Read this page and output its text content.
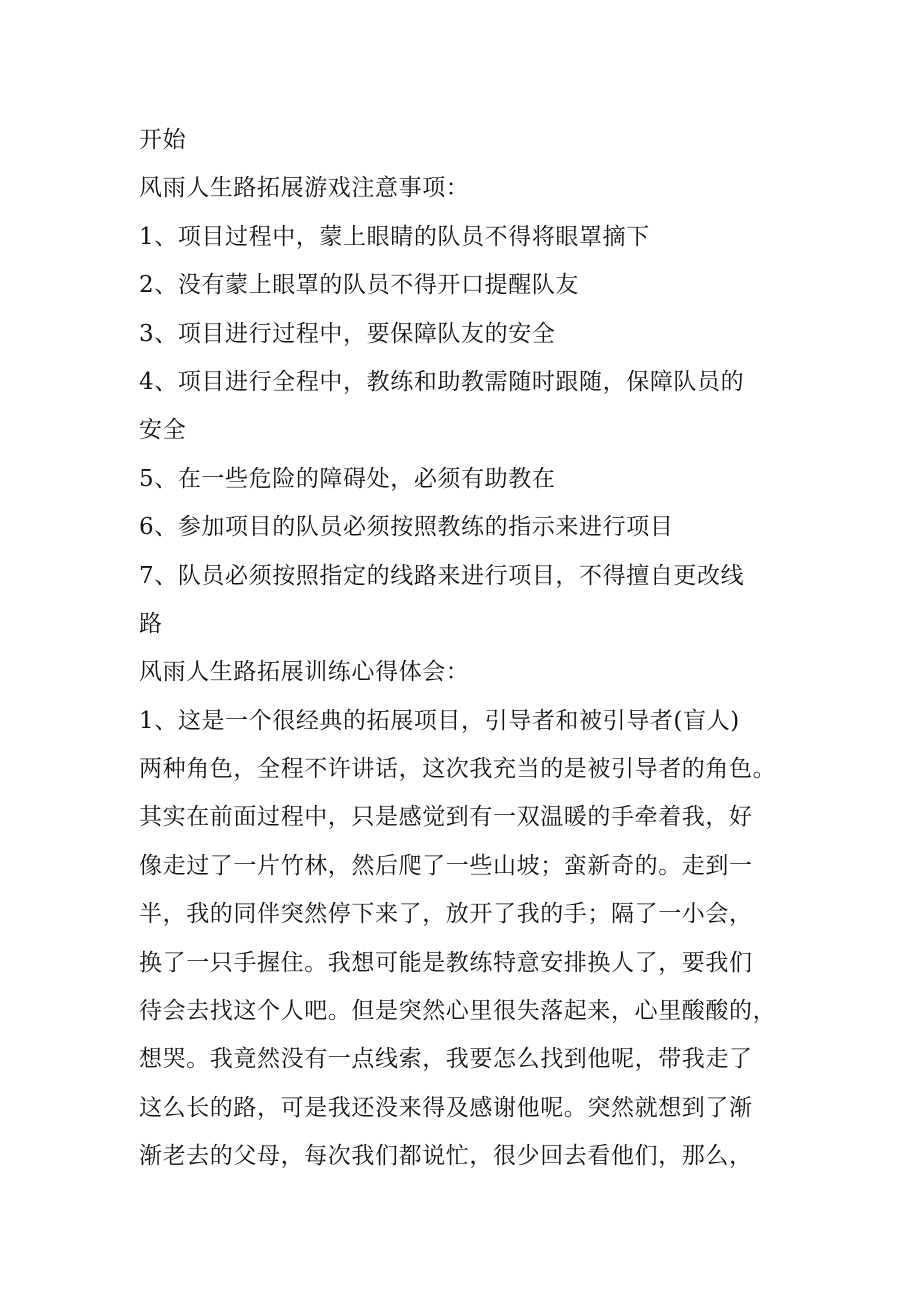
开始

风雨人生路拓展游戏注意事项：

1、项目过程中，蒙上眼睛的队员不得将眼罩摘下

2、没有蒙上眼罩的队员不得开口提醒队友

3、项目进行过程中，要保障队友的安全

4、项目进行全程中，教练和助教需随时跟随，保障队员的

安全

5、在一些危险的障碍处，必须有助教在

6、参加项目的队员必须按照教练的指示来进行项目

7、队员必须按照指定的线路来进行项目，不得擅自更改线

路

风雨人生路拓展训练心得体会：

1、这是一个很经典的拓展项目，引导者和被引导者(盲人)

两种角色，全程不许讲话，这次我充当的是被引导者的角色。

其实在前面过程中，只是感觉到有一双温暖的手牵着我，好

像走过了一片竹林，然后爬了一些山坡；蛮新奇的。走到一

半，我的同伴突然停下来了，放开了我的手；隔了一小会，

换了一只手握住。我想可能是教练特意安排换人了，要我们

待会去找这个人吧。但是突然心里很失落起来，心里酸酸的，

想哭。我竟然没有一点线索，我要怎么找到他呢，带我走了

这么长的路，可是我还没来得及感谢他呢。突然就想到了渐

渐老去的父母，每次我们都说忙，很少回去看他们，那么，
